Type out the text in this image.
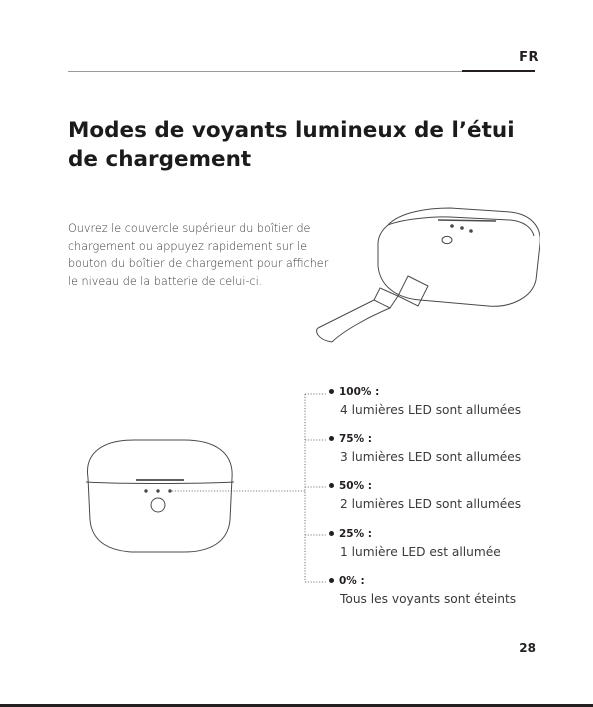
FR
Modes de voyants lumineux de l’étui de chargement
Ouvrez le couvercle supérieur du boîtier de chargement ou appuyez rapidement sur le bouton du boîtier de chargement pour afficher le niveau de la batterie de celui-ci.
100% :
4 lumières LED sont allumées
75% :
3 lumières LED sont allumées
50% :
2 lumières LED sont allumées
25% :
1 lumière LED est allumée
0% :
Tous les voyants sont éteints
28
